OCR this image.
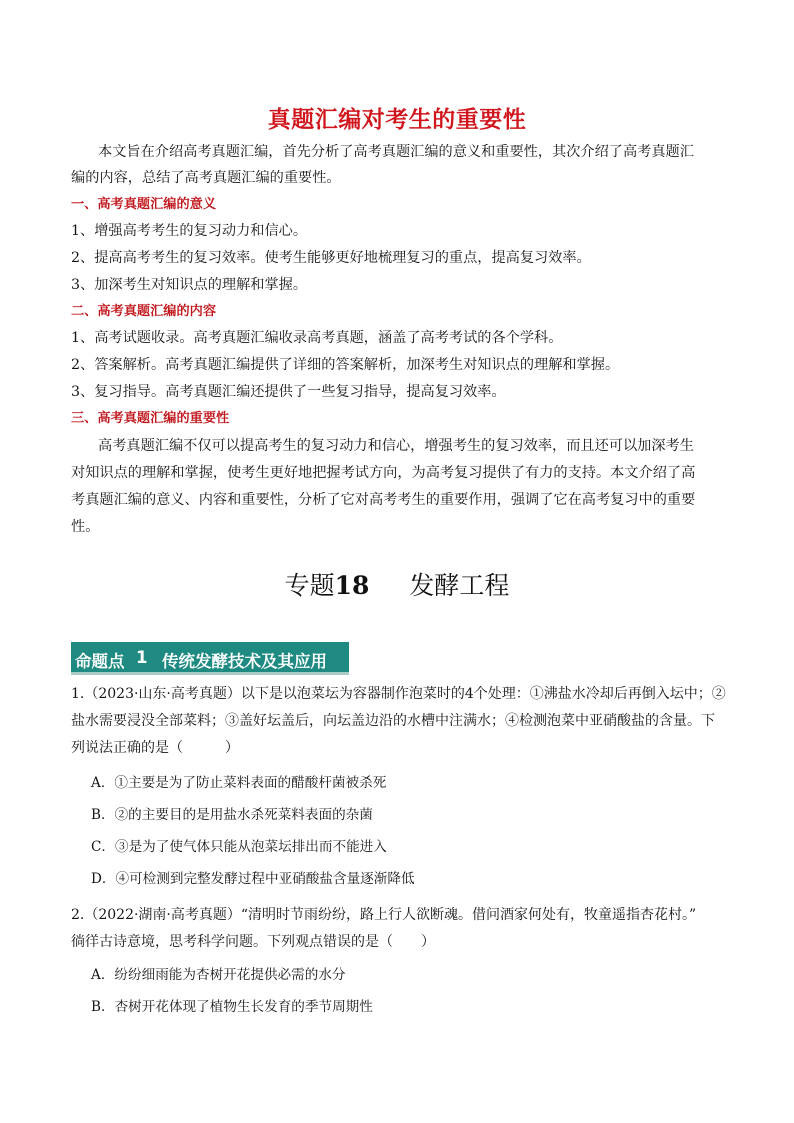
真题汇编对考生的重要性
本文旨在介绍高考真题汇编，首先分析了高考真题汇编的意义和重要性，其次介绍了高考真题汇
编的内容，总结了高考真题汇编的重要性。
一、高考真题汇编的意义
1、增强高考考生的复习动力和信心。
2、提高高考考生的复习效率。使考生能够更好地梳理复习的重点，提高复习效率。
3、加深考生对知识点的理解和掌握。
二、高考真题汇编的内容
1、高考试题收录。高考真题汇编收录高考真题，涵盖了高考考试的各个学科。
2、答案解析。高考真题汇编提供了详细的答案解析，加深考生对知识点的理解和掌握。
3、复习指导。高考真题汇编还提供了一些复习指导，提高复习效率。
三、高考真题汇编的重要性
高考真题汇编不仅可以提高考生的复习动力和信心，增强考生的复习效率，而且还可以加深考生
对知识点的理解和掌握，使考生更好地把握考试方向，为高考复习提供了有力的支持。本文介绍了高
考真题汇编的意义、内容和重要性，分析了它对高考考生的重要作用，强调了它在高考复习中的重要
性。
专题18 发酵工程
命题点 1 传统发酵技术及其应用
1.（2023·山东·高考真题）以下是以泡菜坛为容器制作泡菜时的4个处理：①沸盐水冷却后再倒入坛中；②
盐水需要浸没全部菜料；③盖好坛盖后，向坛盖边沿的水槽中注满水；④检测泡菜中亚硝酸盐的含量。下
列说法正确的是（　　　）
A．①主要是为了防止菜料表面的醋酸杆菌被杀死
B．②的主要目的是用盐水杀死菜料表面的杂菌
C．③是为了使气体只能从泡菜坛排出而不能进入
D．④可检测到完整发酵过程中亚硝酸盐含量逐渐降低
2.（2022·湖南·高考真题）“清明时节雨纷纷，路上行人欲断魂。借问酒家何处有，牧童遥指杏花村。”
徜徉古诗意境，思考科学问题。下列观点错误的是（　　）
A．纷纷细雨能为杏树开花提供必需的水分
B．杏树开花体现了植物生长发育的季节周期性
